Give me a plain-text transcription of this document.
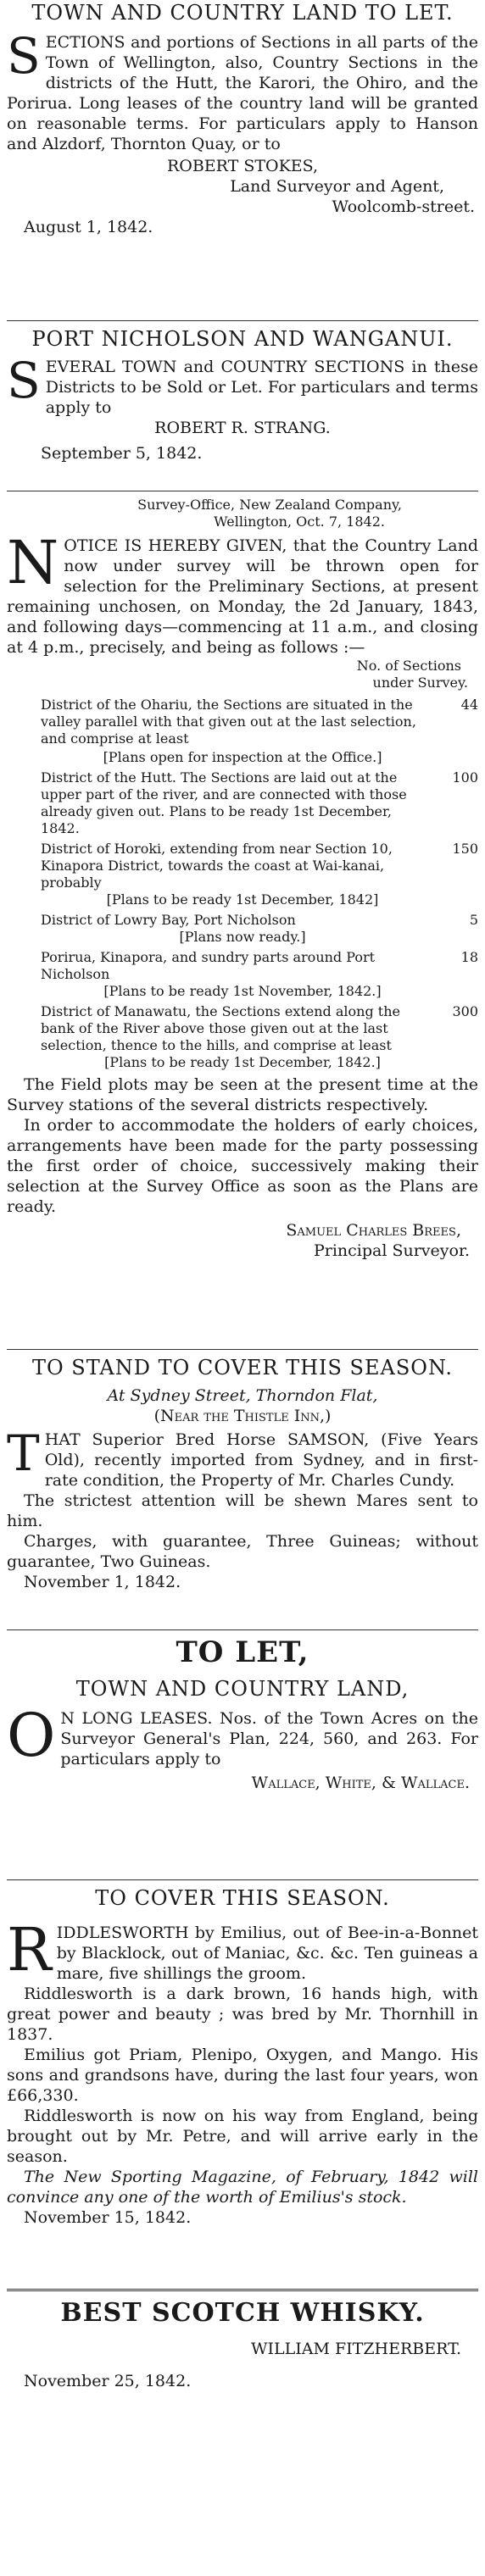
TOWN AND COUNTRY LAND TO LET.
S ECTIONS and portions of Sections in all parts of the Town of Wellington, also, Country Sections in the districts of the Hutt, the Karori, the Ohiro, and the Porirua. Long leases of the country land will be granted on reasonable terms. For particulars apply to Hanson and Alzdorf, Thornton Quay, or to
ROBERT STOKES,
Land Surveyor and Agent,
Woolcomb-street.
August 1, 1842.
PORT NICHOLSON AND WANGANUI.
S EVERAL TOWN and COUNTRY SECTIONS in these Districts to be Sold or Let. For particulars and terms apply to
ROBERT R. STRANG.
September 5, 1842.
Survey-Office, New Zealand Company,
Wellington, Oct. 7, 1842.
N OTICE IS HEREBY GIVEN, that the Country Land now under survey will be thrown open for selection for the Preliminary Sections, at present remaining unchosen, on Monday, the 2d January, 1843, and following days—commencing at 11 a.m., and closing at 4 p.m., precisely, and being as follows :—
No. of Sections
under Survey.
District of the Ohariu, the Sections are situated in the valley parallel with that given out at the last selection, and comprise at least
44
[Plans open for inspection at the Office.]
District of the Hutt. The Sections are laid out at the upper part of the river, and are connected with those already given out. Plans to be ready 1st December, 1842.
100
District of Horoki, extending from near Section 10, Kinapora District, towards the coast at Wai-kanai, probably
150
[Plans to be ready 1st December, 1842]
District of Lowry Bay, Port Nicholson	5
[Plans now ready.]
Porirua, Kinapora, and sundry parts around Port Nicholson
18
[Plans to be ready 1st November, 1842.]
District of Manawatu, the Sections extend along the bank of the River above those given out at the last selection, thence to the hills, and comprise at least
300
[Plans to be ready 1st December, 1842.]
The Field plots may be seen at the present time at the Survey stations of the several districts respectively.
In order to accommodate the holders of early choices, arrangements have been made for the party possessing the first order of choice, successively making their selection at the Survey Office as soon as the Plans are ready.
Samuel Charles Brees,
Principal Surveyor.
TO STAND TO COVER THIS SEASON.
At Sydney Street, Thorndon Flat,
(Near the Thistle Inn,)
T HAT Superior Bred Horse SAMSON, (Five Years Old), recently imported from Sydney, and in first-rate condition, the Property of Mr. Charles Cundy.
The strictest attention will be shewn Mares sent to him.
Charges, with guarantee, Three Guineas; without guarantee, Two Guineas.
November 1, 1842.
TO LET,
TOWN AND COUNTRY LAND,
O N LONG LEASES. Nos. of the Town Acres on the Surveyor General's Plan, 224, 560, and 263. For particulars apply to
Wallace, White, & Wallace.
TO COVER THIS SEASON.
R IDDLESWORTH by Emilius, out of Bee-in-a-Bonnet by Blacklock, out of Maniac, &c. &c. Ten guineas a mare, five shillings the groom.
Riddlesworth is a dark brown, 16 hands high, with great power and beauty ; was bred by Mr. Thornhill in 1837.
Emilius got Priam, Plenipo, Oxygen, and Mango. His sons and grandsons have, during the last four years, won £66,330.
Riddlesworth is now on his way from England, being brought out by Mr. Petre, and will arrive early in the season.
The New Sporting Magazine, of February, 1842 will convince any one of the worth of Emilius's stock.
November 15, 1842.
BEST SCOTCH WHISKY.
WILLIAM FITZHERBERT.
November 25, 1842.
